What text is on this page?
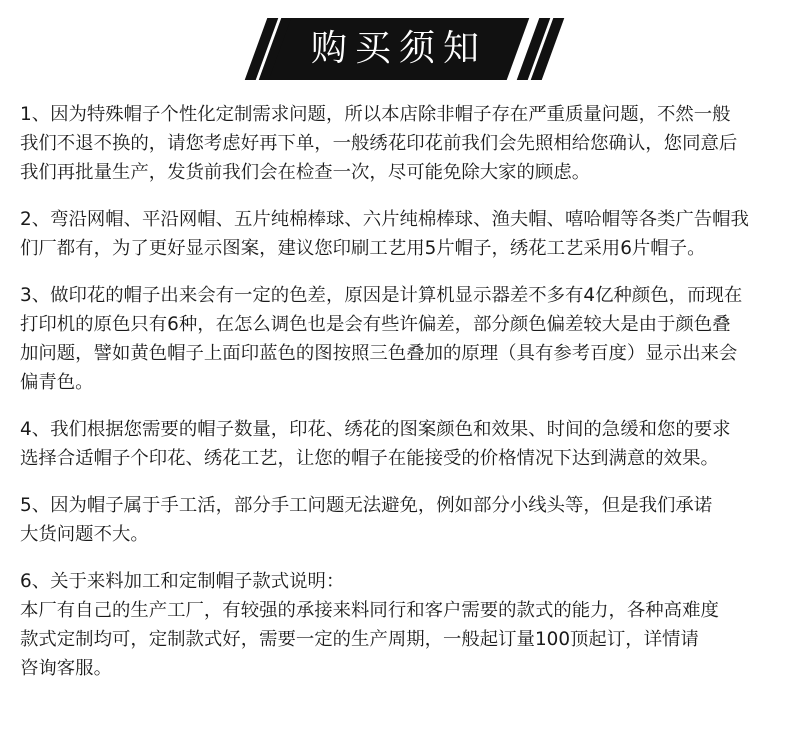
购买须知
1、因为特殊帽子个性化定制需求问题，所以本店除非帽子存在严重质量问题，不然一般
我们不退不换的，请您考虑好再下单，一般绣花印花前我们会先照相给您确认，您同意后
我们再批量生产，发货前我们会在检查一次，尽可能免除大家的顾虑。
2、弯沿网帽、平沿网帽、五片纯棉棒球、六片纯棉棒球、渔夫帽、嘻哈帽等各类广告帽我
们厂都有，为了更好显示图案，建议您印刷工艺用5片帽子，绣花工艺采用6片帽子。
3、做印花的帽子出来会有一定的色差，原因是计算机显示器差不多有4亿种颜色，而现在
打印机的原色只有6种，在怎么调色也是会有些许偏差，部分颜色偏差较大是由于颜色叠
加问题，譬如黄色帽子上面印蓝色的图按照三色叠加的原理（具有参考百度）显示出来会
偏青色。
4、我们根据您需要的帽子数量，印花、绣花的图案颜色和效果、时间的急缓和您的要求
选择合适帽子个印花、绣花工艺，让您的帽子在能接受的价格情况下达到满意的效果。
5、因为帽子属于手工活，部分手工问题无法避免，例如部分小线头等，但是我们承诺
大货问题不大。
6、关于来料加工和定制帽子款式说明：
本厂有自己的生产工厂，有较强的承接来料同行和客户需要的款式的能力，各种高难度
款式定制均可，定制款式好，需要一定的生产周期，一般起订量100顶起订，详情请
咨询客服。
